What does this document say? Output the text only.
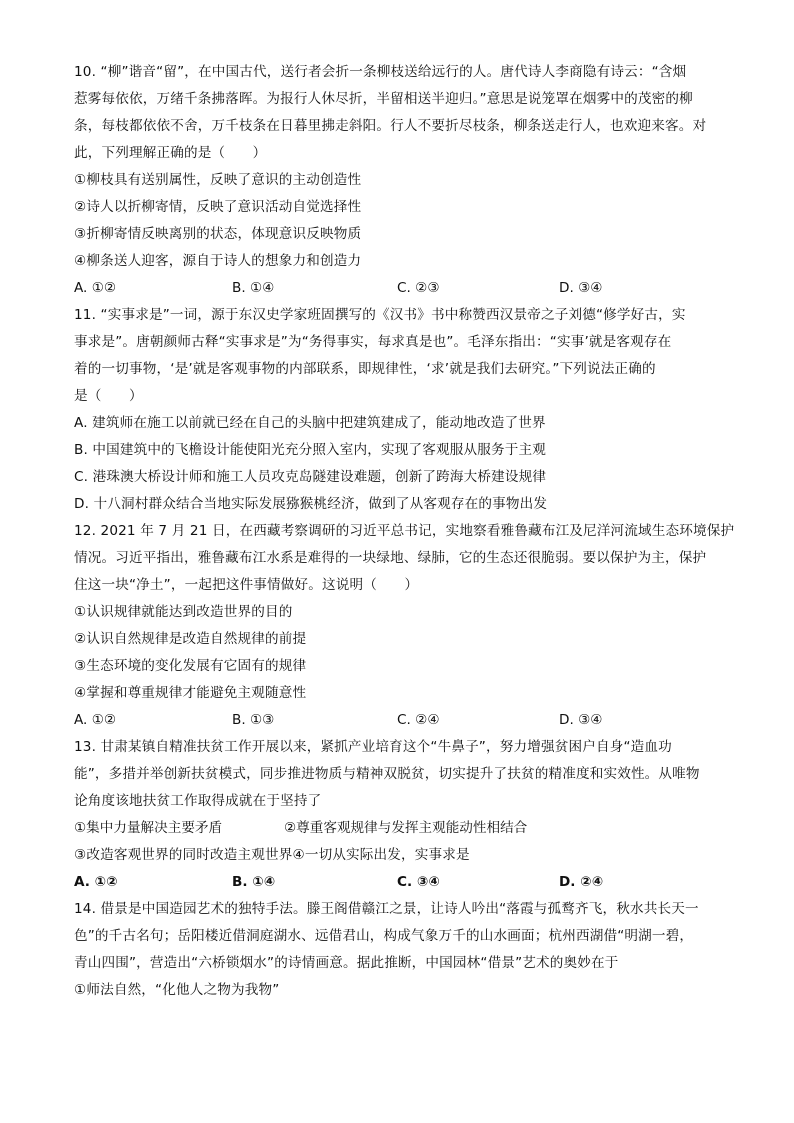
10. “柳”谐音“留”，在中国古代，送行者会折一条柳枝送给远行的人。唐代诗人李商隐有诗云：“含烟
惹雾每依依，万绪千条拂落晖。为报行人休尽折，半留相送半迎归。”意思是说笼罩在烟雾中的茂密的柳
条，每枝都依依不舍，万千枝条在日暮里拂走斜阳。行人不要折尽枝条，柳条送走行人，也欢迎来客。对
此，下列理解正确的是（　　）
①柳枝具有送别属性，反映了意识的主动创造性
②诗人以折柳寄情，反映了意识活动自觉选择性
③折柳寄情反映离别的状态，体现意识反映物质
④柳条送人迎客，源自于诗人的想象力和创造力
A. ①②	B. ①④	C. ②③	D. ③④
11. “实事求是”一词，源于东汉史学家班固撰写的《汉书》书中称赞西汉景帝之子刘德“修学好古，实
事求是”。唐朝颜师古释“实事求是”为“务得事实，每求真是也”。毛泽东指出：“实事’就是客观存在
着的一切事物，‘是’就是客观事物的内部联系，即规律性，‘求’就是我们去研究。”下列说法正确的
是（　　）
A. 建筑师在施工以前就已经在自己的头脑中把建筑建成了，能动地改造了世界
B. 中国建筑中的飞檐设计能使阳光充分照入室内，实现了客观服从服务于主观
C. 港珠澳大桥设计师和施工人员攻克岛隧建设难题，创新了跨海大桥建设规律
D. 十八洞村群众结合当地实际发展猕猴桃经济，做到了从客观存在的事物出发
12. 2021 年 7 月 21 日，在西藏考察调研的习近平总书记，实地察看雅鲁藏布江及尼洋河流域生态环境保护
情况。习近平指出，雅鲁藏布江水系是难得的一块绿地、绿肺，它的生态还很脆弱。要以保护为主，保护
住这一块“净土”，一起把这件事情做好。这说明（　　）
①认识规律就能达到改造世界的目的
②认识自然规律是改造自然规律的前提
③生态环境的变化发展有它固有的规律
④掌握和尊重规律才能避免主观随意性
A. ①②	B. ①③	C. ②④	D. ③④
13. 甘肃某镇自精准扶贫工作开展以来，紧抓产业培育这个“牛鼻子”，努力增强贫困户自身“造血功
能”，多措并举创新扶贫模式，同步推进物质与精神双脱贫，切实提升了扶贫的精准度和实效性。从唯物
论角度该地扶贫工作取得成就在于坚持了
①集中力量解决主要矛盾	②尊重客观规律与发挥主观能动性相结合
③改造客观世界的同时改造主观世界④一切从实际出发，实事求是
A. ①②	B. ①④	C. ③④	D. ②④
14. 借景是中国造园艺术的独特手法。滕王阁借赣江之景，让诗人吟出“落霞与孤鹜齐飞，秋水共长天一
色”的千古名句；岳阳楼近借洞庭湖水、远借君山，构成气象万千的山水画面；杭州西湖借“明湖一碧，
青山四围”，营造出“六桥锁烟水”的诗情画意。据此推断，中国园林“借景”艺术的奥妙在于
①师法自然，“化他人之物为我物”
